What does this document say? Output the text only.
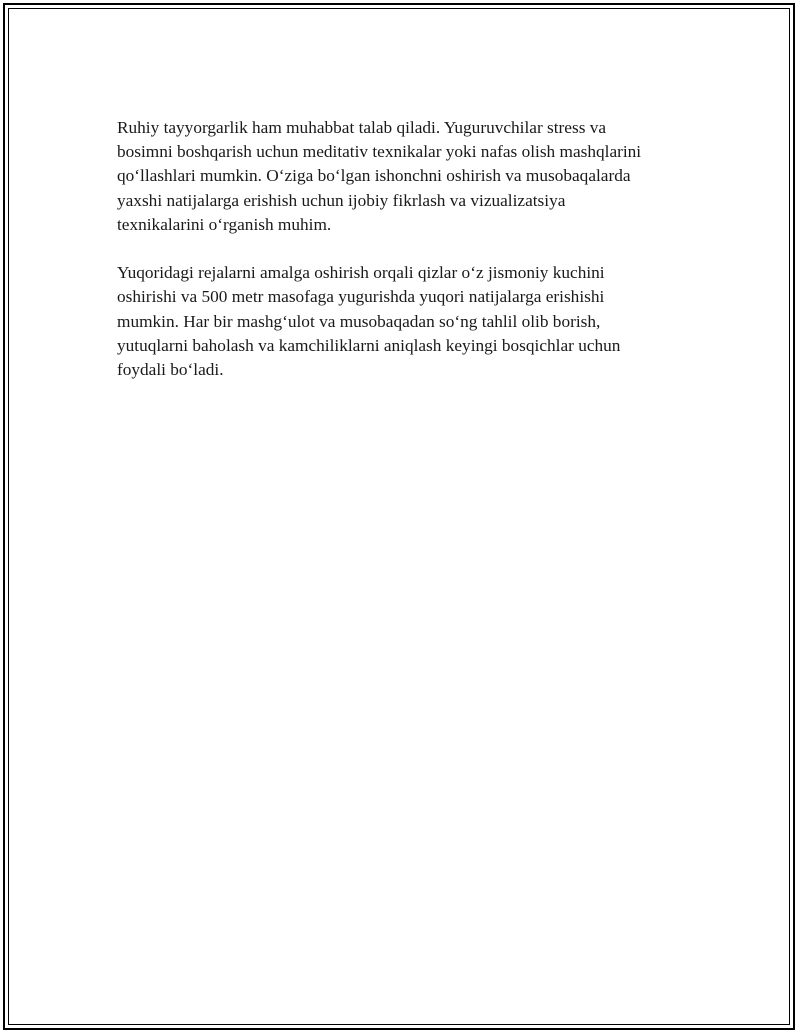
Ruhiy tayyorgarlik ham muhabbat talab qiladi. Yuguruvchilar stress va
bosimni boshqarish uchun meditativ texnikalar yoki nafas olish mashqlarini
qo‘llashlari mumkin. O‘ziga bo‘lgan ishonchni oshirish va musobaqalarda
yaxshi natijalarga erishish uchun ijobiy fikrlash va vizualizatsiya
texnikalarini o‘rganish muhim.

Yuqoridagi rejalarni amalga oshirish orqali qizlar o‘z jismoniy kuchini
oshirishi va 500 metr masofaga yugurishda yuqori natijalarga erishishi
mumkin. Har bir mashg‘ulot va musobaqadan so‘ng tahlil olib borish,
yutuqlarni baholash va kamchiliklarni aniqlash keyingi bosqichlar uchun
foydali bo‘ladi.
